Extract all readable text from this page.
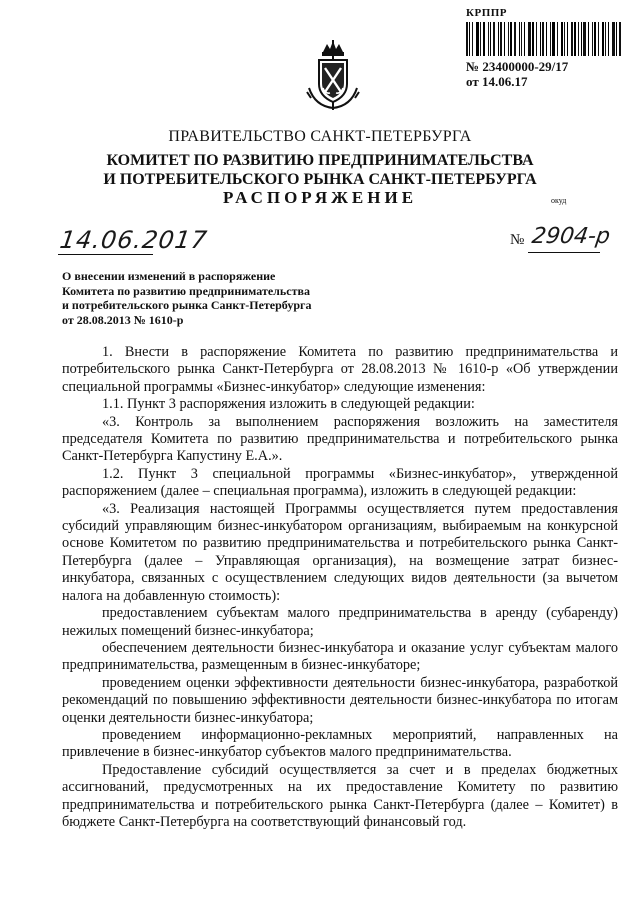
КРППР
№ 23400000-29/17
от 14.06.17
ПРАВИТЕЛЬСТВО САНКТ-ПЕТЕРБУРГА
КОМИТЕТ ПО РАЗВИТИЮ ПРЕДПРИНИМАТЕЛЬСТВА
И ПОТРЕБИТЕЛЬСКОГО РЫНКА САНКТ-ПЕТЕРБУРГА
РАСПОРЯЖЕНИЕ	окуд
14.06.2017	№ 2904-р
О внесении изменений в распоряжение
Комитета по развитию предпринимательства
и потребительского рынка Санкт-Петербурга
от 28.08.2013 № 1610-р

1. Внести в распоряжение Комитета по развитию предпринимательства и потребительского рынка Санкт-Петербурга от 28.08.2013 № 1610-р «Об утверждении специальной программы «Бизнес-инкубатор» следующие изменения:

1.1. Пункт 3 распоряжения изложить в следующей редакции:

«3. Контроль за выполнением распоряжения возложить на заместителя председателя Комитета по развитию предпринимательства и потребительского рынка Санкт-Петербурга Капустину Е.А.».

1.2. Пункт 3 специальной программы «Бизнес-инкубатор», утвержденной распоряжением (далее – специальная программа), изложить в следующей редакции:

«3. Реализация настоящей Программы осуществляется путем предоставления субсидий управляющим бизнес-инкубатором организациям, выбираемым на конкурсной основе Комитетом по развитию предпринимательства и потребительского рынка Санкт-Петербурга (далее – Управляющая организация), на возмещение затрат бизнес-инкубатора, связанных с осуществлением следующих видов деятельности (за вычетом налога на добавленную стоимость):

предоставлением субъектам малого предпринимательства в аренду (субаренду) нежилых помещений бизнес-инкубатора;

обеспечением деятельности бизнес-инкубатора и оказание услуг субъектам малого предпринимательства, размещенным в бизнес-инкубаторе;

проведением оценки эффективности деятельности бизнес-инкубатора, разработкой рекомендаций по повышению эффективности деятельности бизнес-инкубатора по итогам оценки деятельности бизнес-инкубатора;

проведением информационно-рекламных мероприятий, направленных на привлечение в бизнес-инкубатор субъектов малого предпринимательства.

Предоставление субсидий осуществляется за счет и в пределах бюджетных ассигнований, предусмотренных на их предоставление Комитету по развитию предпринимательства и потребительского рынка Санкт-Петербурга (далее – Комитет) в бюджете Санкт-Петербурга на соответствующий финансовый год.
